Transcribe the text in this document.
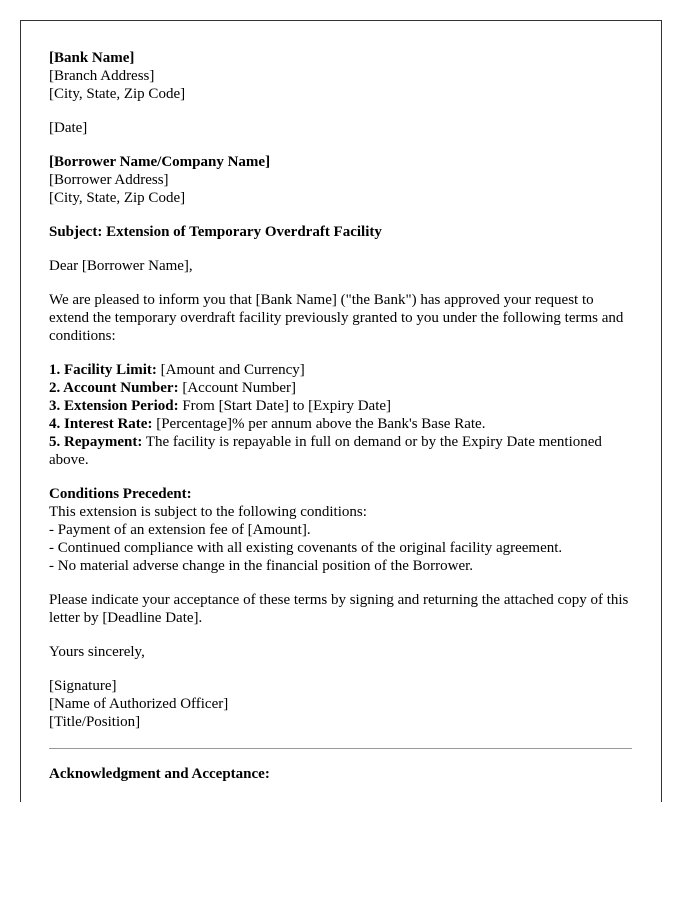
[Bank Name]
[Branch Address]
[City, State, Zip Code]

[Date]

[Borrower Name/Company Name]
[Borrower Address]
[City, State, Zip Code]

Subject: Extension of Temporary Overdraft Facility

Dear [Borrower Name],

We are pleased to inform you that [Bank Name] ("the Bank") has approved your request to extend the temporary overdraft facility previously granted to you under the following terms and conditions:

1. Facility Limit: [Amount and Currency]
2. Account Number: [Account Number]
3. Extension Period: From [Start Date] to [Expiry Date]
4. Interest Rate: [Percentage]% per annum above the Bank's Base Rate.
5. Repayment: The facility is repayable in full on demand or by the Expiry Date mentioned above.

Conditions Precedent:
This extension is subject to the following conditions:
- Payment of an extension fee of [Amount].
- Continued compliance with all existing covenants of the original facility agreement.
- No material adverse change in the financial position of the Borrower.

Please indicate your acceptance of these terms by signing and returning the attached copy of this letter by [Deadline Date].

Yours sincerely,

[Signature]
[Name of Authorized Officer]
[Title/Position]

Acknowledgment and Acceptance:
